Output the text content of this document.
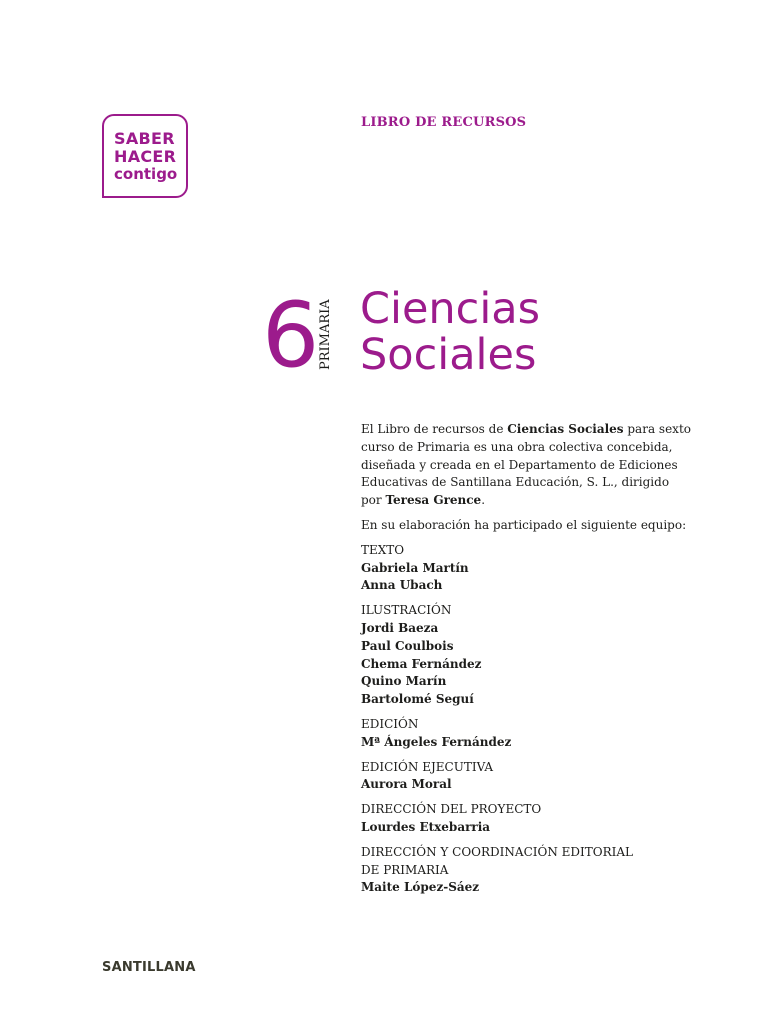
SABER
HACER
contigo
LIBRO DE RECURSOS
6
PRIMARIA Ciencias
Sociales

El Libro de recursos de Ciencias Sociales para sexto curso de Primaria es una obra colectiva concebida, diseñada y creada en el Departamento de Ediciones Educativas de Santillana Educación, S. L., dirigido por Teresa Grence.

En su elaboración ha participado el siguiente equipo:

TEXTO
Gabriela Martín
Anna Ubach
ILUSTRACIÓN
Jordi Baeza
Paul Coulbois
Chema Fernández
Quino Marín
Bartolomé Seguí
EDICIÓN
Mª Ángeles Fernández
EDICIÓN EJECUTIVA
Aurora Moral
DIRECCIÓN DEL PROYECTO
Lourdes Etxebarria
DIRECCIÓN Y COORDINACIÓN EDITORIAL
DE PRIMARIA
Maite López-Sáez
SANTILLANA
